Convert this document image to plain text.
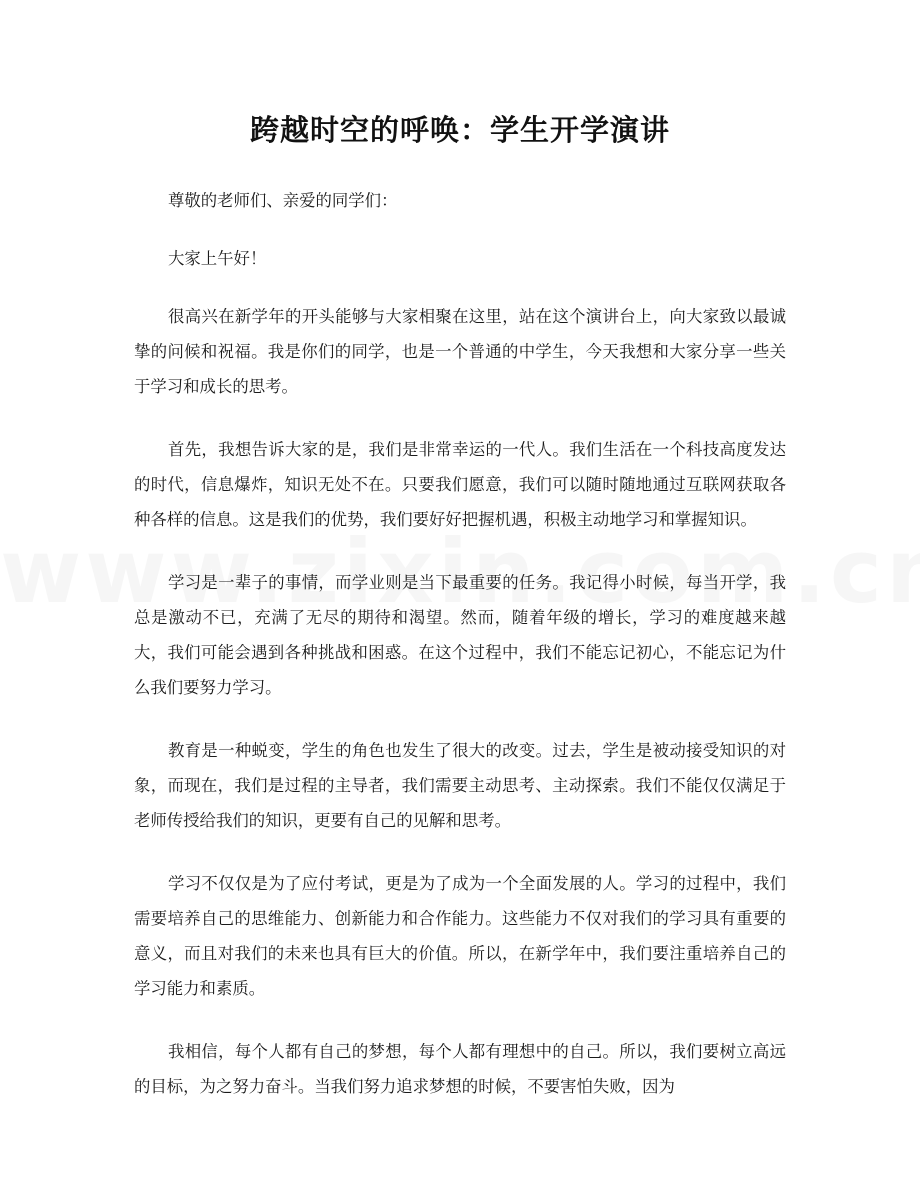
跨越时空的呼唤：学生开学演讲

尊敬的老师们、亲爱的同学们：

大家上午好！

很高兴在新学年的开头能够与大家相聚在这里，站在这个演讲台上，向大家致以最诚挚的问候和祝福。我是你们的同学，也是一个普通的中学生，今天我想和大家分享一些关于学习和成长的思考。

首先，我想告诉大家的是，我们是非常幸运的一代人。我们生活在一个科技高度发达的时代，信息爆炸，知识无处不在。只要我们愿意，我们可以随时随地通过互联网获取各种各样的信息。这是我们的优势，我们要好好把握机遇，积极主动地学习和掌握知识。

学习是一辈子的事情，而学业则是当下最重要的任务。我记得小时候，每当开学，我总是激动不已，充满了无尽的期待和渴望。然而，随着年级的增长，学习的难度越来越大，我们可能会遇到各种挑战和困惑。在这个过程中，我们不能忘记初心，不能忘记为什么我们要努力学习。

教育是一种蜕变，学生的角色也发生了很大的改变。过去，学生是被动接受知识的对象，而现在，我们是过程的主导者，我们需要主动思考、主动探索。我们不能仅仅满足于老师传授给我们的知识，更要有自己的见解和思考。

学习不仅仅是为了应付考试，更是为了成为一个全面发展的人。学习的过程中，我们需要培养自己的思维能力、创新能力和合作能力。这些能力不仅对我们的学习具有重要的意义，而且对我们的未来也具有巨大的价值。所以，在新学年中，我们要注重培养自己的学习能力和素质。

我相信，每个人都有自己的梦想，每个人都有理想中的自己。所以，我们要树立高远的目标，为之努力奋斗。当我们努力追求梦想的时候，不要害怕失败，因为
